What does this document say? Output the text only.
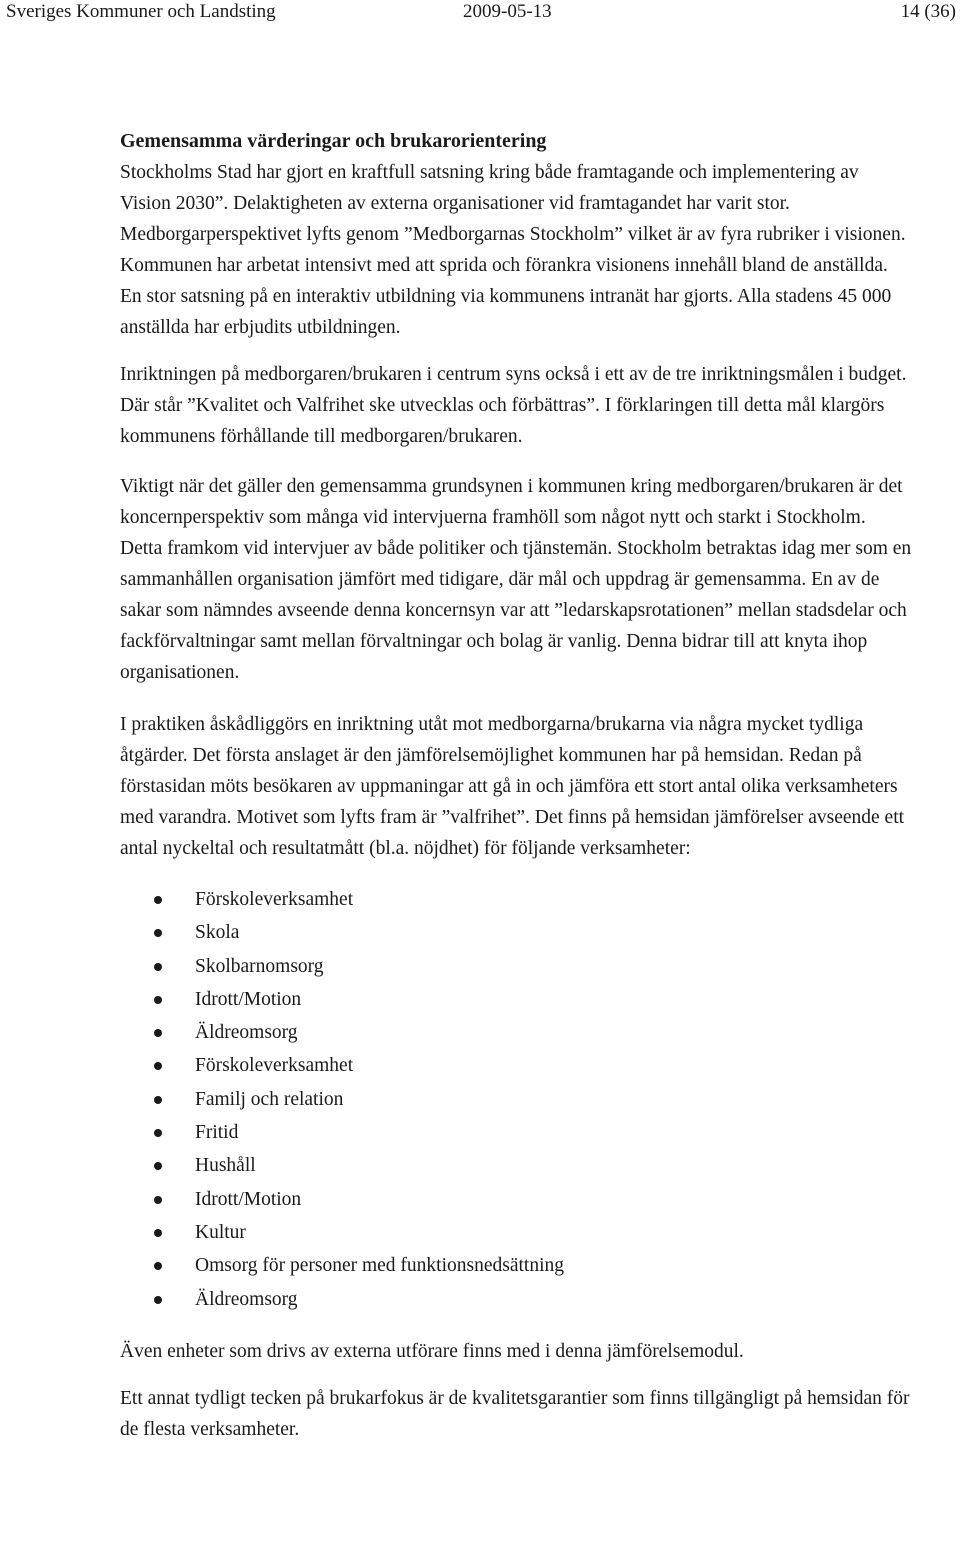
Sveriges Kommuner och Landsting	2009-05-13	14 (36)
Gemensamma värderingar och brukarorientering

Stockholms Stad har gjort en kraftfull satsning kring både framtagande och implementering av Vision 2030”. Delaktigheten av externa organisationer vid framtagandet har varit stor. Medborgarperspektivet lyfts genom ”Medborgarnas Stockholm” vilket är av fyra rubriker i visionen. Kommunen har arbetat intensivt med att sprida och förankra visionens innehåll bland de anställda. En stor satsning på en interaktiv utbildning via kommunens intranät har gjorts. Alla stadens 45 000 anställda har erbjudits utbildningen.

Inriktningen på medborgaren/brukaren i centrum syns också i ett av de tre inriktningsmålen i budget. Där står ”Kvalitet och Valfrihet ske utvecklas och förbättras”. I förklaringen till detta mål klargörs kommunens förhållande till medborgaren/brukaren.

Viktigt när det gäller den gemensamma grundsynen i kommunen kring medborgaren/brukaren är det koncernperspektiv som många vid intervjuerna framhöll som något nytt och starkt i Stockholm. Detta framkom vid intervjuer av både politiker och tjänstemän. Stockholm betraktas idag mer som en sammanhållen organisation jämfört med tidigare, där mål och uppdrag är gemensamma. En av de sakar som nämndes avseende denna koncernsyn var att ”ledarskapsrotationen” mellan stadsdelar och fackförvaltningar samt mellan förvaltningar och bolag är vanlig. Denna bidrar till att knyta ihop organisationen.

I praktiken åskådliggörs en inriktning utåt mot medborgarna/brukarna via några mycket tydliga åtgärder. Det första anslaget är den jämförelsemöjlighet kommunen har på hemsidan. Redan på förstasidan möts besökaren av uppmaningar att gå in och jämföra ett stort antal olika verksamheters med varandra. Motivet som lyfts fram är ”valfrihet”. Det finns på hemsidan jämförelser avseende ett antal nyckeltal och resultatmått (bl.a. nöjdhet) för följande verksamheter:

Förskoleverksamhet
Skola
Skolbarnomsorg
Idrott/Motion
Äldreomsorg
Förskoleverksamhet
Familj och relation
Fritid
Hushåll
Idrott/Motion
Kultur
Omsorg för personer med funktionsnedsättning
Äldreomsorg

Även enheter som drivs av externa utförare finns med i denna jämförelsemodul.

Ett annat tydligt tecken på brukarfokus är de kvalitetsgarantier som finns tillgängligt på hemsidan för de flesta verksamheter.
